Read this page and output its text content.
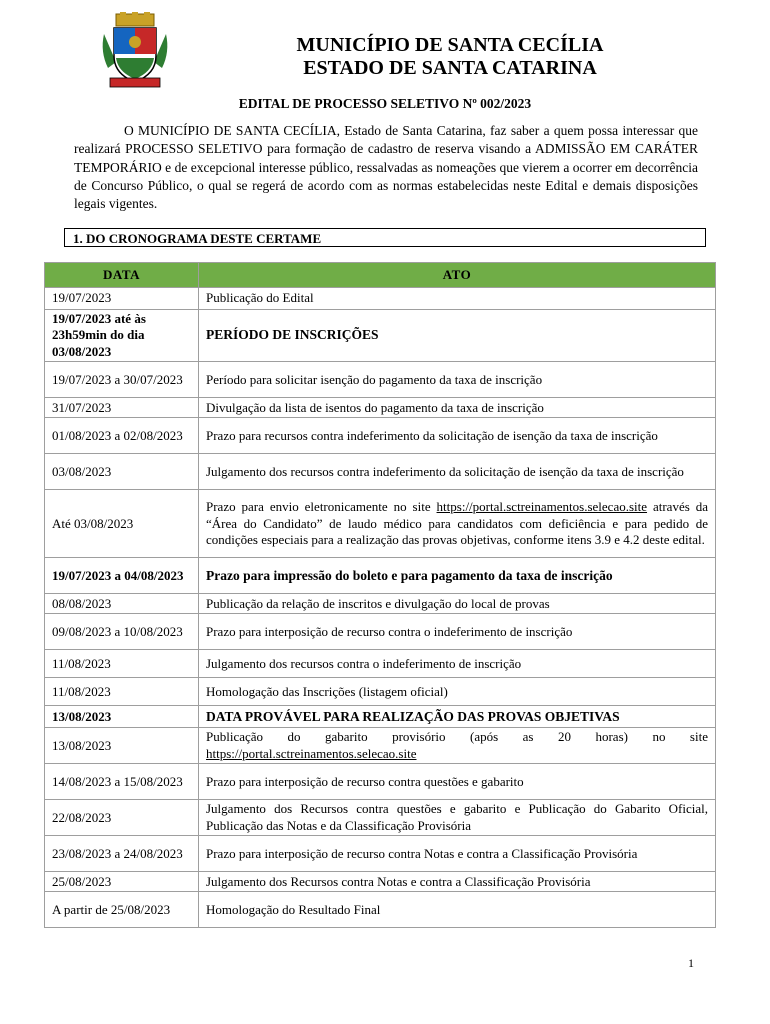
MUNICÍPIO DE SANTA CECÍLIA
ESTADO DE SANTA CATARINA
EDITAL DE PROCESSO SELETIVO Nº 002/2023
O MUNICÍPIO DE SANTA CECÍLIA, Estado de Santa Catarina, faz saber a quem possa interessar que realizará PROCESSO SELETIVO para formação de cadastro de reserva visando a ADMISSÃO EM CARÁTER TEMPORÁRIO e de excepcional interesse público, ressalvadas as nomeações que vierem a ocorrer em decorrência de Concurso Público, o qual se regerá de acordo com as normas estabelecidas neste Edital e demais disposições legais vigentes.
1. DO CRONOGRAMA DESTE CERTAME
DATA	ATO
19/07/2023	Publicação do Edital
19/07/2023 até às 23h59min do dia 03/08/2023	PERÍODO DE INSCRIÇÕES
19/07/2023 a 30/07/2023	Período para solicitar isenção do pagamento da taxa de inscrição
31/07/2023	Divulgação da lista de isentos do pagamento da taxa de inscrição
01/08/2023 a 02/08/2023	Prazo para recursos contra indeferimento da solicitação de isenção da taxa de inscrição
03/08/2023	Julgamento dos recursos contra indeferimento da solicitação de isenção da taxa de inscrição
Até 03/08/2023	Prazo para envio eletronicamente no site https://portal.sctreinamentos.selecao.site através da “Área do Candidato” de laudo médico para candidatos com deficiência e para pedido de condições especiais para a realização das provas objetivas, conforme itens 3.9 e 4.2 deste edital.
19/07/2023 a 04/08/2023	Prazo para impressão do boleto e para pagamento da taxa de inscrição
08/08/2023	Publicação da relação de inscritos e divulgação do local de provas
09/08/2023 a 10/08/2023	Prazo para interposição de recurso contra o indeferimento de inscrição
11/08/2023	Julgamento dos recursos contra o indeferimento de inscrição
11/08/2023	Homologação das Inscrições (listagem oficial)
13/08/2023	DATA PROVÁVEL PARA REALIZAÇÃO DAS PROVAS OBJETIVAS
13/08/2023	Publicação do gabarito provisório (após as 20 horas) no site https://portal.sctreinamentos.selecao.site
14/08/2023 a 15/08/2023	Prazo para interposição de recurso contra questões e gabarito
22/08/2023	Julgamento dos Recursos contra questões e gabarito e Publicação do Gabarito Oficial, Publicação das Notas e da Classificação Provisória
23/08/2023 a 24/08/2023	Prazo para interposição de recurso contra Notas e contra a Classificação Provisória
25/08/2023	Julgamento dos Recursos contra Notas e contra a Classificação Provisória
A partir de 25/08/2023	Homologação do Resultado Final
1
